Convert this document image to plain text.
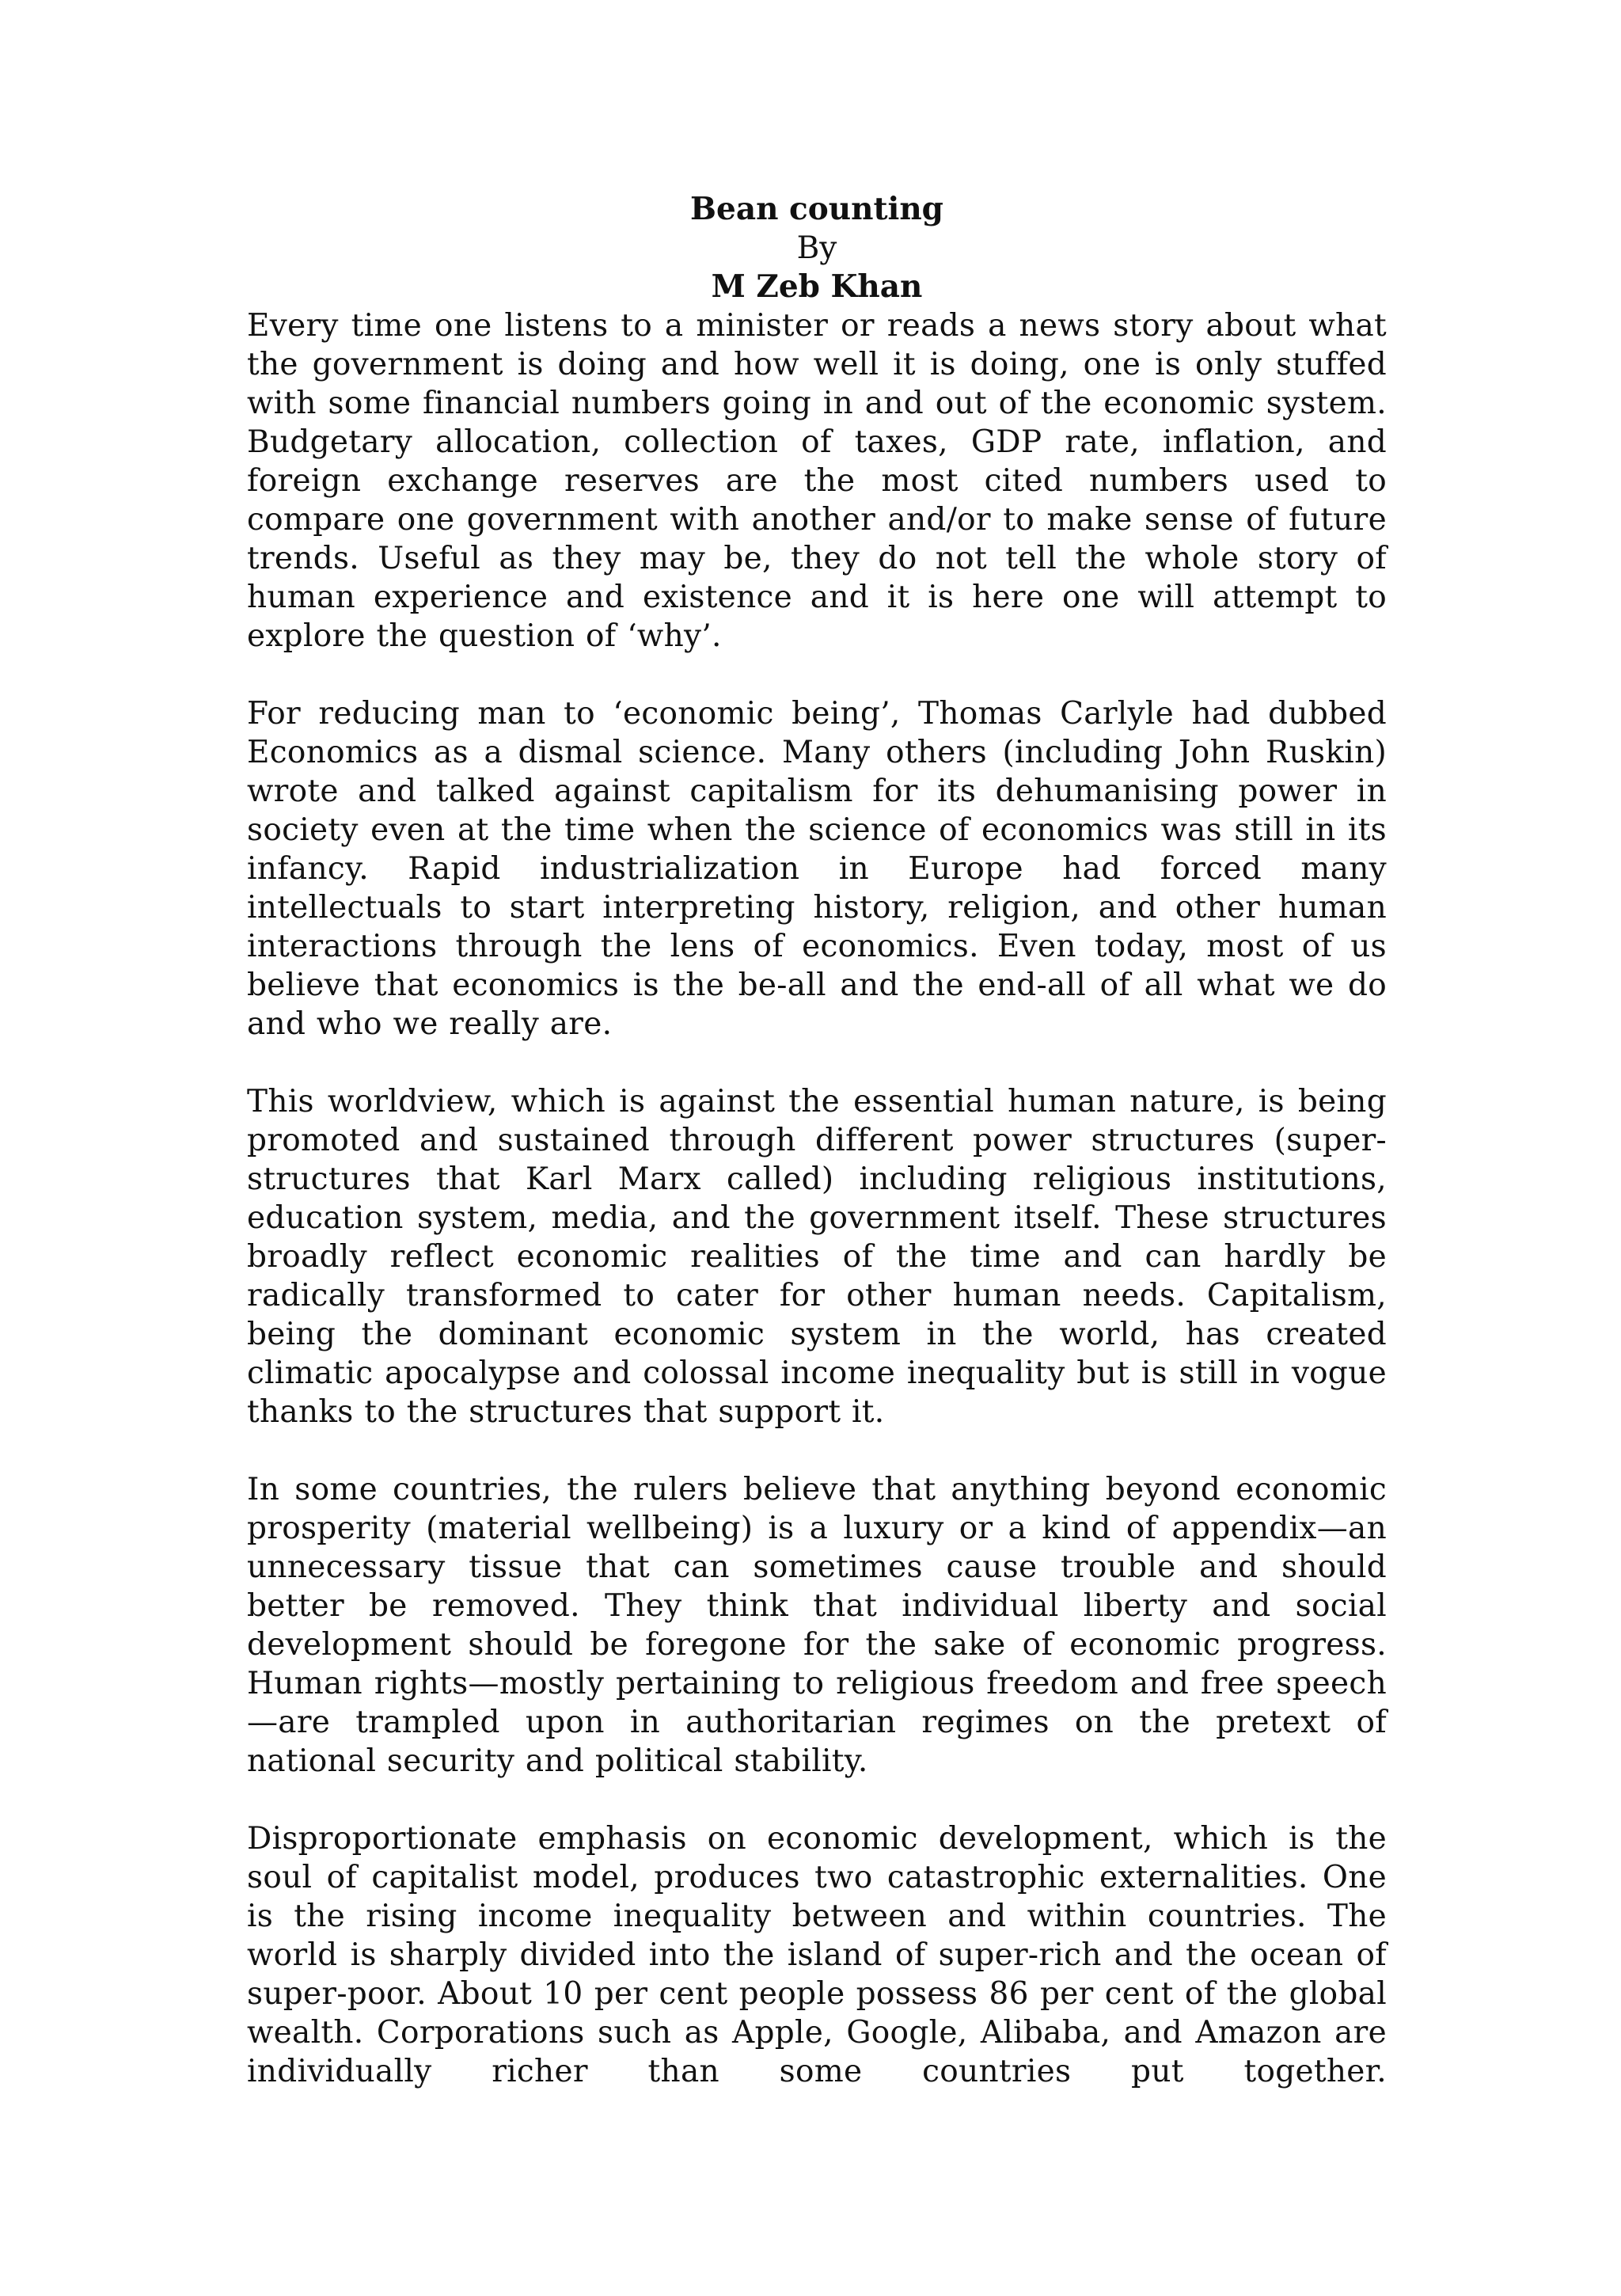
Bean counting
By
M Zeb Khan

Every time one listens to a minister or reads a news story about what the government is doing and how well it is doing, one is only stuffed with some financial numbers going in and out of the economic system. Budgetary allocation, collection of taxes, GDP rate, inflation, and foreign exchange reserves are the most cited numbers used to compare one government with another and/or to make sense of future trends. Useful as they may be, they do not tell the whole story of human experience and existence and it is here one will attempt to explore the question of ‘why’.

For reducing man to ‘economic being’, Thomas Carlyle had dubbed Economics as a dismal science. Many others (including John Ruskin) wrote and talked against capitalism for its dehumanising power in society even at the time when the science of economics was still in its infancy. Rapid industrialization in Europe had forced many intellectuals to start interpreting history, religion, and other human interactions through the lens of economics. Even today, most of us believe that economics is the be-all and the end-all of all what we do and who we really are.

This worldview, which is against the essential human nature, is being promoted and sustained through different power structures (super-structures that Karl Marx called) including religious institutions, education system, media, and the government itself. These structures broadly reflect economic realities of the time and can hardly be radically transformed to cater for other human needs. Capitalism, being the dominant economic system in the world, has created climatic apocalypse and colossal income inequality but is still in vogue thanks to the structures that support it.

In some countries, the rulers believe that anything beyond economic prosperity (material wellbeing) is a luxury or a kind of appendix—an unnecessary tissue that can sometimes cause trouble and should better be removed. They think that individual liberty and social development should be foregone for the sake of economic progress. Human rights—mostly pertaining to religious freedom and free speech—are trampled upon in authoritarian regimes on the pretext of national security and political stability.

Disproportionate emphasis on economic development, which is the soul of capitalist model, produces two catastrophic externalities. One is the rising income inequality between and within countries. The world is sharply divided into the island of super-rich and the ocean of super-poor. About 10 per cent people possess 86 per cent of the global wealth. Corporations such as Apple, Google, Alibaba, and Amazon are individually richer than some countries put together.
